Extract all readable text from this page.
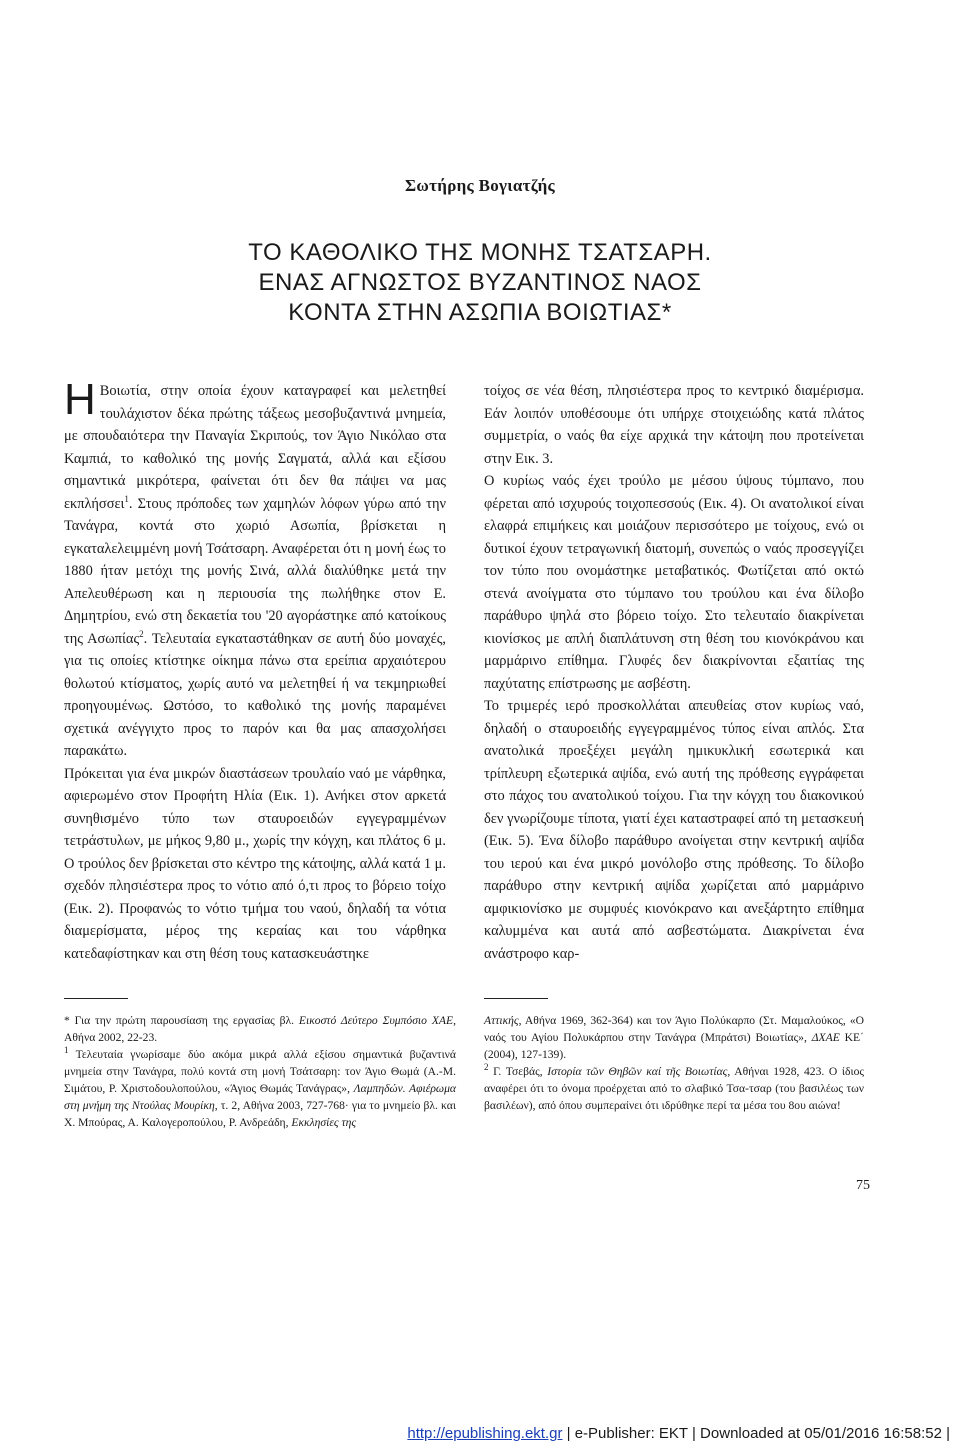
Σωτήρης Βογιατζής
ΤΟ ΚΑΘΟΛΙΚΟ ΤΗΣ ΜΟΝΗΣ ΤΣΑΤΣΑΡΗ.
ΕΝΑΣ ΑΓΝΩΣΤΟΣ ΒΥΖΑΝΤΙΝΟΣ ΝΑΟΣ
ΚΟΝΤΑ ΣΤΗΝ ΑΣΩΠΙΑ ΒΟΙΩΤΙΑΣ*

Η Βοιωτία, στην οποία έχουν καταγραφεί και μελετηθεί τουλάχιστον δέκα πρώτης τάξεως μεσοβυζαντινά μνημεία, με σπουδαιότερα την Παναγία Σκριπούς, τον Άγιο Νικόλαο στα Καμπιά, το καθολικό της μονής Σαγματά, αλλά και εξίσου σημαντικά μικρότερα, φαίνεται ότι δεν θα πάψει να μας εκπλήσσει$^1$. Στους πρόποδες των χαμηλών λόφων γύρω από την Τανάγρα, κοντά στο χωριό Ασωπία, βρίσκεται η εγκαταλελειμμένη μονή Τσάτσαρη. Αναφέρεται ότι η μονή έως το 1880 ήταν μετόχι της μονής Σινά, αλλά διαλύθηκε μετά την Απελευθέρωση και η περιουσία της πωλήθηκε στον Ε. Δημητρίου, ενώ στη δεκαετία του '20 αγοράστηκε από κατοίκους της Ασωπίας$^2$. Τελευταία εγκαταστάθηκαν σε αυτή δύο μοναχές, για τις οποίες κτίστηκε οίκημα πάνω στα ερείπια αρχαιότερου θολωτού κτίσματος, χωρίς αυτό να μελετηθεί ή να τεκμηριωθεί προηγουμένως. Ωστόσο, το καθολικό της μονής παραμένει σχετικά ανέγγιχτο προς το παρόν και θα μας απασχολήσει παρακάτω.

Πρόκειται για ένα μικρών διαστάσεων τρουλαίο ναό με νάρθηκα, αφιερωμένο στον Προφήτη Ηλία (Εικ. 1). Ανήκει στον αρκετά συνηθισμένο τύπο των σταυροειδών εγγεγραμμένων τετράστυλων, με μήκος 9,80 μ., χωρίς την κόγχη, και πλάτος 6 μ. Ο τρούλος δεν βρίσκεται στο κέντρο της κάτοψης, αλλά κατά 1 μ. σχεδόν πλησιέστερα προς το νότιο από ό,τι προς το βόρειο τοίχο (Εικ. 2). Προφανώς το νότιο τμήμα του ναού, δηλαδή τα νότια διαμερίσματα, μέρος της κεραίας και του νάρθηκα κατεδαφίστηκαν και στη θέση τους κατασκευάστηκε

τοίχος σε νέα θέση, πλησιέστερα προς το κεντρικό διαμέρισμα. Εάν λοιπόν υποθέσουμε ότι υπήρχε στοιχειώδης κατά πλάτος συμμετρία, ο ναός θα είχε αρχικά την κάτοψη που προτείνεται στην Εικ. 3.

Ο κυρίως ναός έχει τρούλο με μέσου ύψους τύμπανο, που φέρεται από ισχυρούς τοιχοπεσσούς (Εικ. 4). Οι ανατολικοί είναι ελαφρά επιμήκεις και μοιάζουν περισσότερο με τοίχους, ενώ οι δυτικοί έχουν τετραγωνική διατομή, συνεπώς ο ναός προσεγγίζει τον τύπο που ονομάστηκε μεταβατικός. Φωτίζεται από οκτώ στενά ανοίγματα στο τύμπανο του τρούλου και ένα δίλοβο παράθυρο ψηλά στο βόρειο τοίχο. Στο τελευταίο διακρίνεται κιονίσκος με απλή διαπλάτυνση στη θέση του κιονόκράνου και μαρμάρινο επίθημα. Γλυφές δεν διακρίνονται εξαιτίας της παχύτατης επίστρωσης με ασβέστη.

Το τριμερές ιερό προσκολλάται απευθείας στον κυρίως ναό, δηλαδή ο σταυροειδής εγγεγραμμένος τύπος είναι απλός. Στα ανατολικά προεξέχει μεγάλη ημικυκλική εσωτερικά και τρίπλευρη εξωτερικά αψίδα, ενώ αυτή της πρόθεσης εγγράφεται στο πάχος του ανατολικού τοίχου. Για την κόγχη του διακονικού δεν γνωρίζουμε τίποτα, γιατί έχει καταστραφεί από τη μετασκευή (Εικ. 5). Ένα δίλοβο παράθυρο ανοίγεται στην κεντρική αψίδα του ιερού και ένα μικρό μονόλοβο στης πρόθεσης. Το δίλοβο παράθυρο στην κεντρική αψίδα χωρίζεται από μαρμάρινο αμφικιονίσκο με συμφυές κιονόκρανο και ανεξάρτητο επίθημα καλυμμένα και αυτά από ασβεστώματα. Διακρίνεται ένα ανάστροφο καρ-

* Για την πρώτη παρουσίαση της εργασίας βλ. Εικοστό Δεύτερο Συμπόσιο ΧΑΕ, Αθήνα 2002, 22-23.

$^1$ Τελευταία γνωρίσαμε δύο ακόμα μικρά αλλά εξίσου σημαντικά βυζαντινά μνημεία στην Τανάγρα, πολύ κοντά στη μονή Τσάτσαρη: τον Άγιο Θωμά (Α.-Μ. Σιμάτου, Ρ. Χριστοδουλοπούλου, «Άγιος Θωμάς Τανάγρας», Λαμπηδών. Αφιέρωμα στη μνήμη της Ντούλας Μουρίκη, τ. 2, Αθήνα 2003, 727-768· για το μνημείο βλ. και Χ. Μπούρας, Α. Καλογεροπούλου, Ρ. Ανδρεάδη, Εκκλησίες της

Αττικής, Αθήνα 1969, 362-364) και τον Άγιο Πολύκαρπο (Στ. Μαμαλούκος, «Ο ναός του Αγίου Πολυκάρπου στην Τανάγρα (Μπράτσι) Βοιωτίας», ΔΧΑΕ ΚΕ΄ (2004), 127-139).

$^2$ Γ. Τσεβάς, Ιστορία τῶν Θηβῶν καί τῆς Βοιωτίας, Αθήναι 1928, 423. Ο ίδιος αναφέρει ότι το όνομα προέρχεται από το σλαβικό Τσα-τσαρ (του βασιλέως των βασιλέων), από όπου συμπεραίνει ότι ιδρύθηκε περί τα μέσα του 8ου αιώνα!

75
http://epublishing.ekt.gr | e-Publisher: EKT | Downloaded at 05/01/2016 16:58:52 |
